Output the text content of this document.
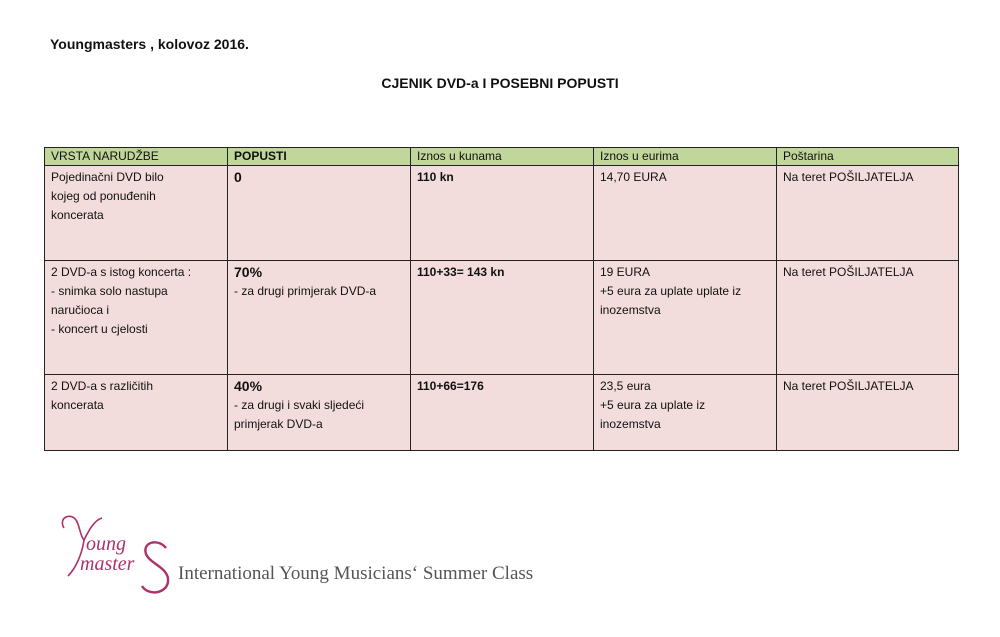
Youngmasters , kolovoz 2016.
CJENIK DVD-a I POSEBNI POPUSTI
VRSTA NARUDŽBE	POPUSTI	Iznos u kunama	Iznos u eurima	Poštarina

Pojedinačni DVD bilo
kojeg od ponuđenih
koncerata	0	110 kn	14,70 EURA	Na teret POŠILJATELJA

2 DVD-a s istog koncerta :
- snimka solo nastupa
naručioca i
- koncert u cjelosti	70%
- za drugi primjerak DVD-a	110+33= 143 kn	19 EURA
+5 eura za uplate uplate iz
inozemstva	Na teret POŠILJATELJA

2 DVD-a s različitih
koncerata	40%
- za drugi i svaki sljedeći
primjerak DVD-a	110+66=176	23,5 eura
+5 eura za uplate iz
inozemstva	Na teret POŠILJATELJA
oung
master International Young Musicians‘ Summer Class
